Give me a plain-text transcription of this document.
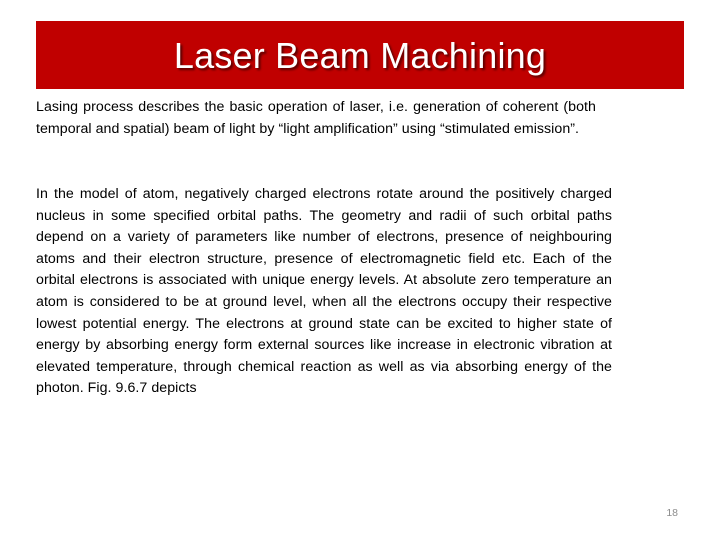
Laser Beam Machining
Lasing process describes the basic operation of laser, i.e. generation of coherent (both temporal and spatial) beam of light by “light amplification” using “stimulated emission”.
In the model of atom, negatively charged electrons rotate around the positively charged nucleus in some specified orbital paths. The geometry and radii of such orbital paths depend on a variety of parameters like number of electrons, presence of neighbouring atoms and their electron structure, presence of electromagnetic field etc. Each of the orbital electrons is associated with unique energy levels. At absolute zero temperature an atom is considered to be at ground level, when all the electrons occupy their respective lowest potential energy. The electrons at ground state can be excited to higher state of energy by absorbing energy form external sources like increase in electronic vibration at elevated temperature, through chemical reaction as well as via absorbing energy of the photon. Fig. 9.6.7 depicts
18
